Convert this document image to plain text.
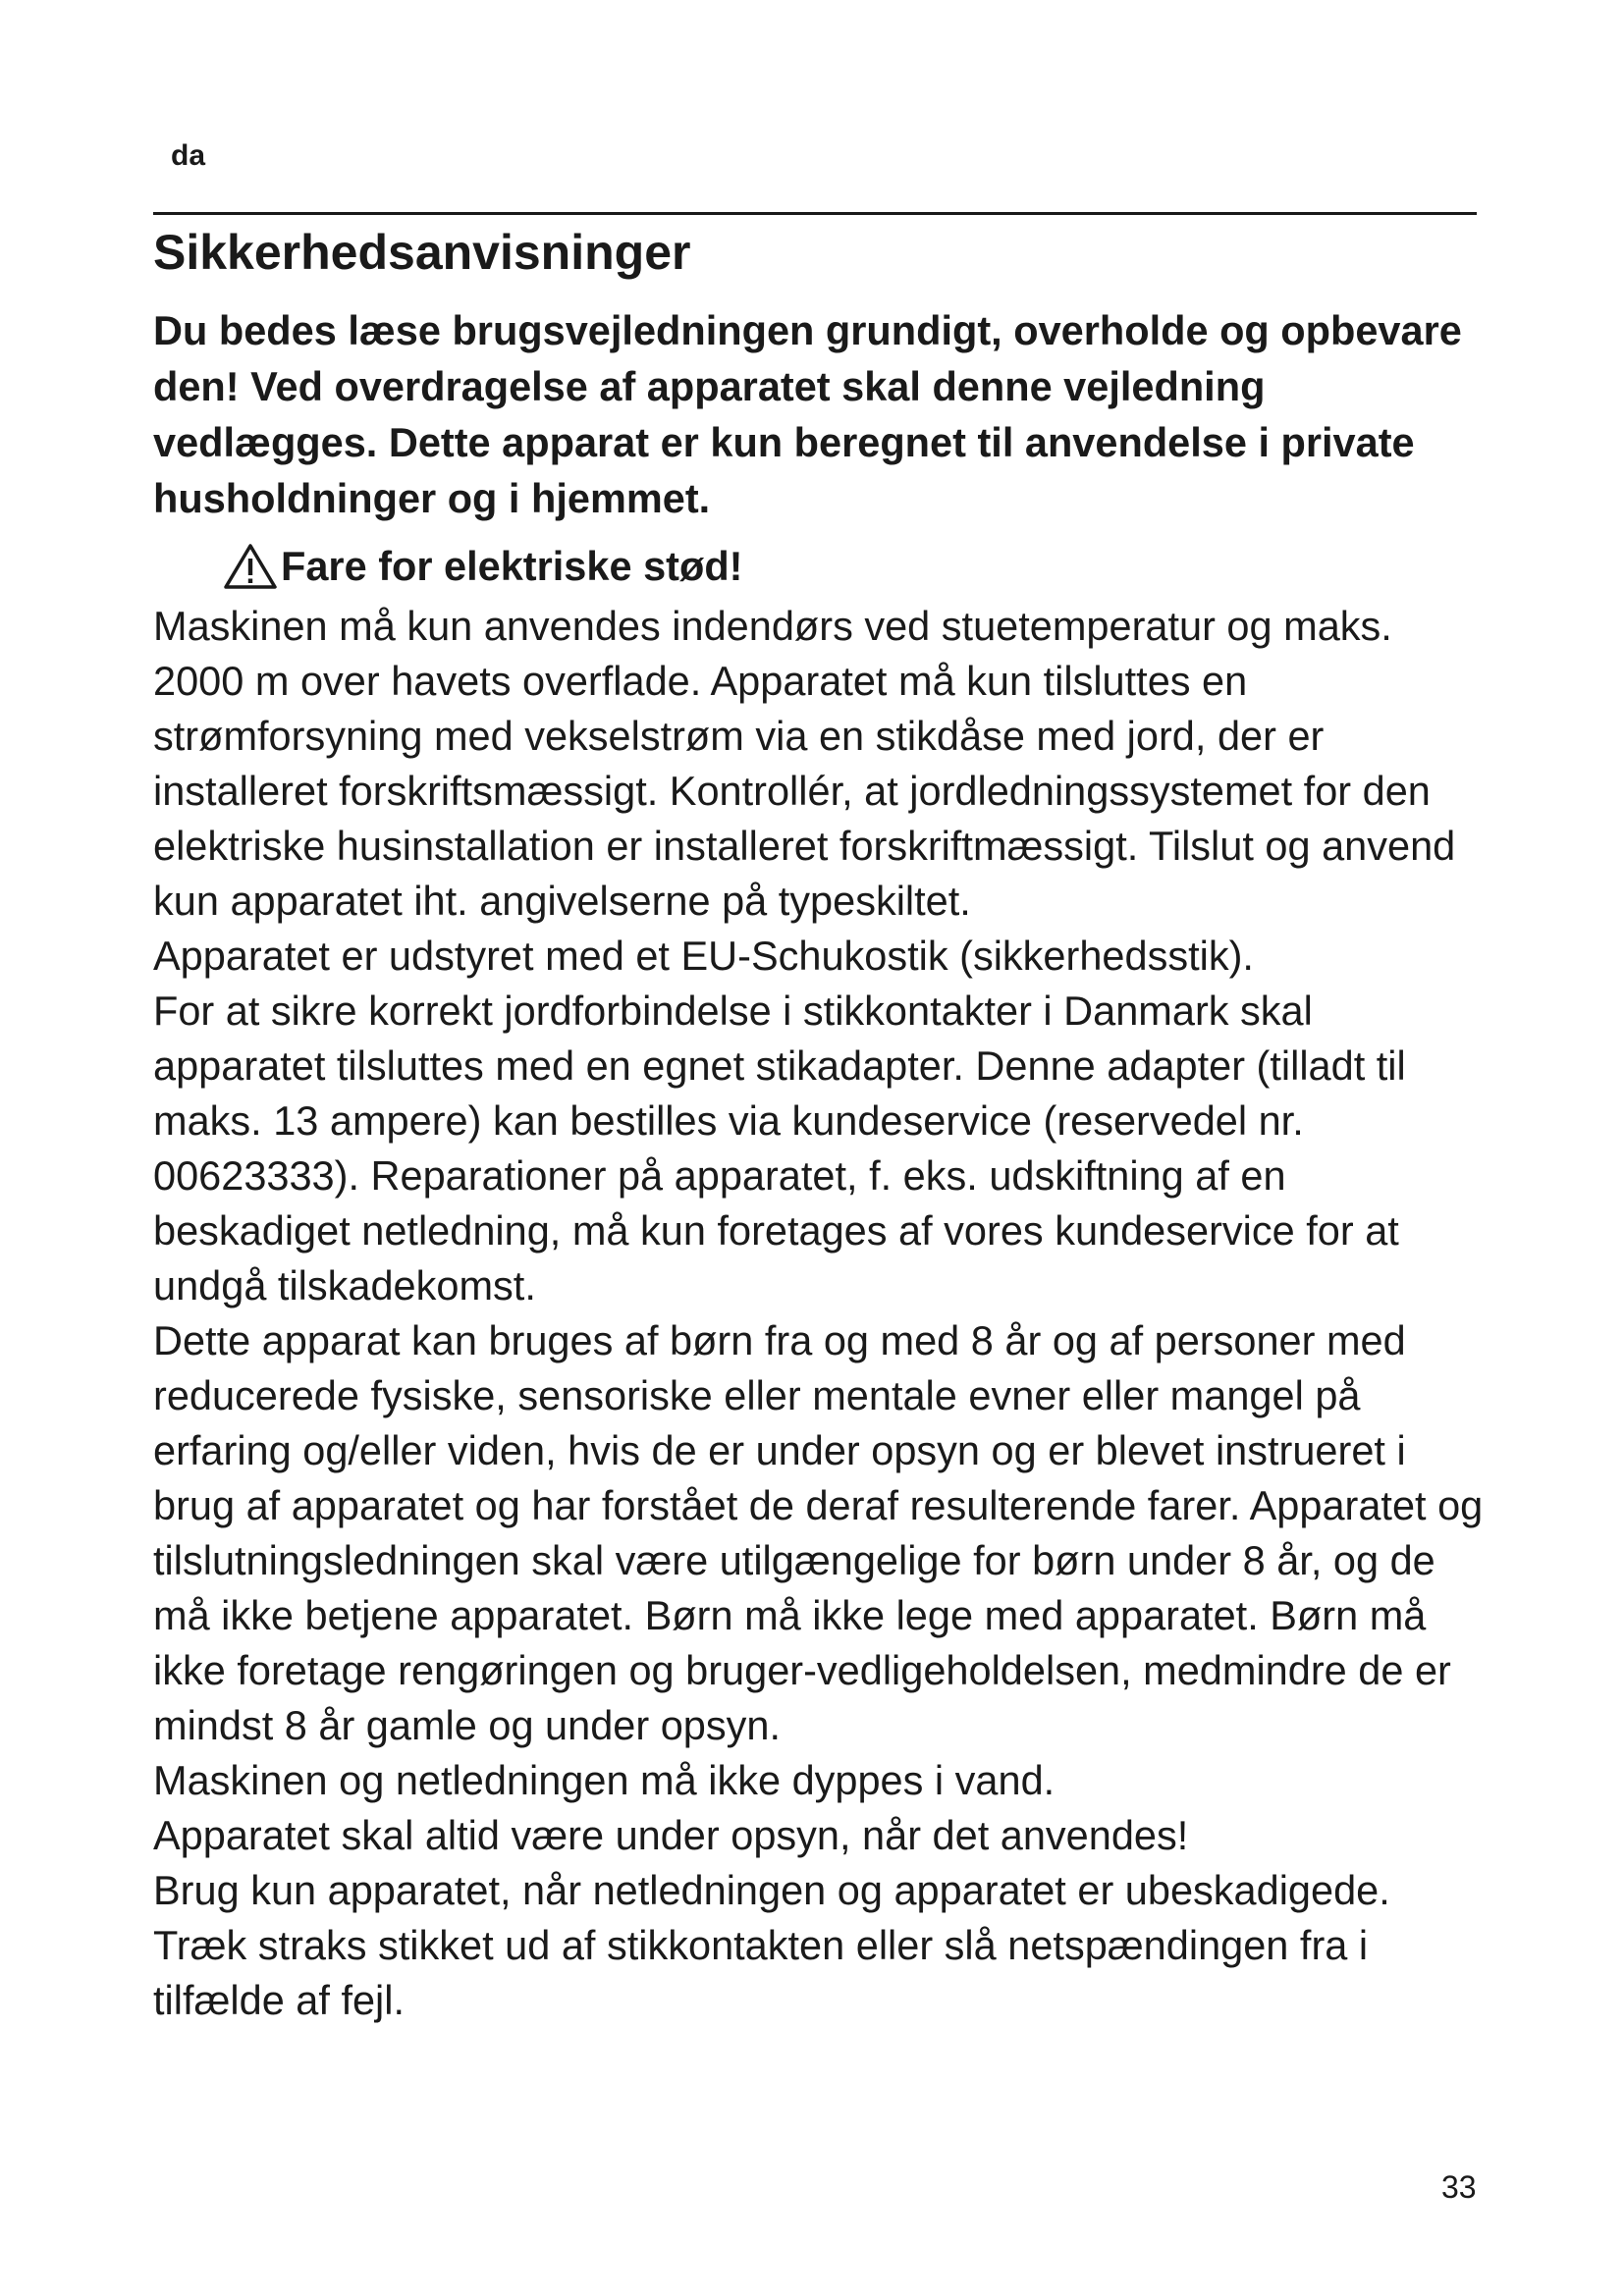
da
Sikkerhedsanvisninger

Du bedes læse brugsvejledningen grundigt, overholde og opbevare den! Ved overdragelse af apparatet skal denne vejledning vedlægges. Dette apparat er kun beregnet til anvendelse i private husholdninger og i hjemmet.

Fare for elektriske stød!

Maskinen må kun anvendes indendørs ved stuetemperatur og maks. 2000 m over havets overflade. Apparatet må kun tilsluttes en strømforsyning med vekselstrøm via en stikdåse med jord, der er installeret forskriftsmæssigt. Kontrollér, at jordledningssystemet for den elektriske husinstallation er installeret forskriftmæssigt. Tilslut og anvend kun apparatet iht. angivelserne på typeskiltet.

Apparatet er udstyret med et EU-Schukostik (sikkerhedsstik).

For at sikre korrekt jordforbindelse i stikkontakter i Danmark skal apparatet tilsluttes med en egnet stikadapter. Denne adapter (tilladt til maks. 13 ampere) kan bestilles via kundeservice (reservedel nr. 00623333). Reparationer på apparatet, f. eks. udskiftning af en beskadiget netledning, må kun foretages af vores kundeservice for at undgå tilskadekomst.

Dette apparat kan bruges af børn fra og med 8 år og af personer med reducerede fysiske, sensoriske eller mentale evner eller mangel på erfaring og/eller viden, hvis de er under opsyn og er blevet instrueret i brug af apparatet og har forstået de deraf resulterende farer. Apparatet og tilslutningsledningen skal være utilgængelige for børn under 8 år, og de må ikke betjene apparatet. Børn må ikke lege med apparatet. Børn må ikke foretage rengøringen og bruger-vedligeholdelsen, medmindre de er mindst 8 år gamle og under opsyn.

Maskinen og netledningen må ikke dyppes i vand.

Apparatet skal altid være under opsyn, når det anvendes!

Brug kun apparatet, når netledningen og apparatet er ubeskadigede. Træk straks stikket ud af stikkontakten eller slå netspændingen fra i tilfælde af fejl.

33
